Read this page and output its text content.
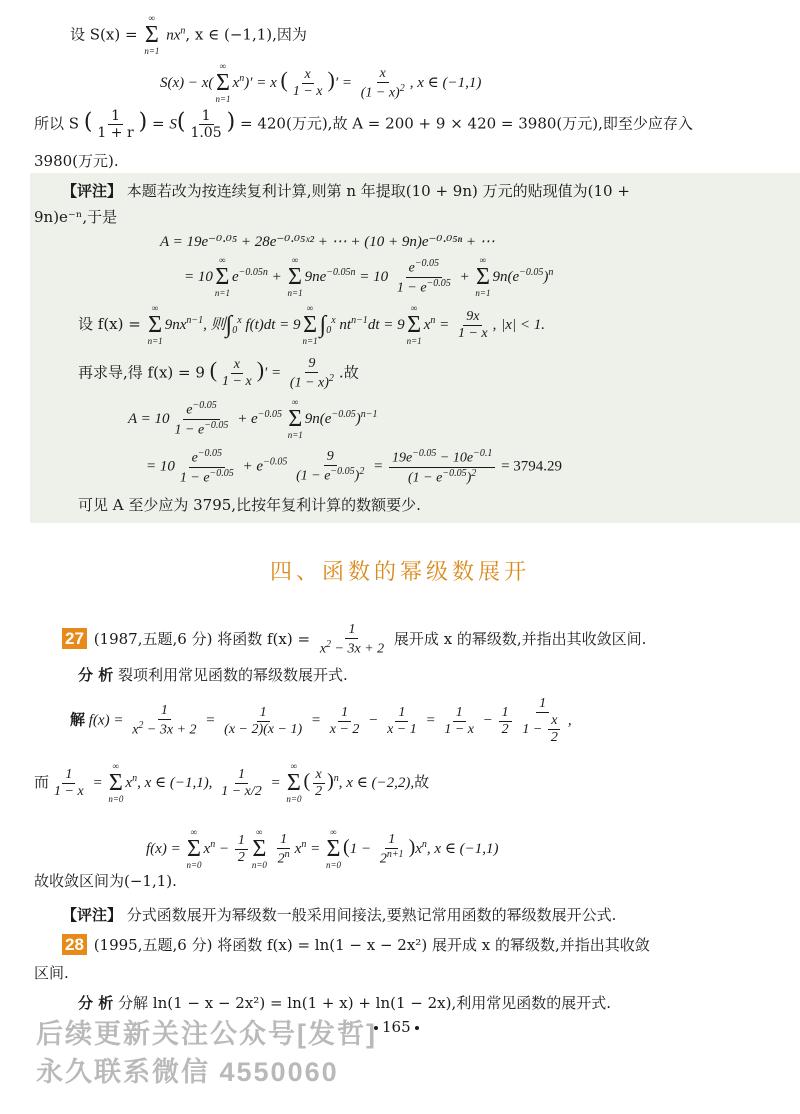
设 S(x) =
∞
Σ
n=1
$nx^n$, x ∈ (−1,1),因为
S(x) − x(
∞
Σ
n=1
$x^n)' = x$ ( $\frac{x}{1 - x}$ )′ = $\frac{x}{(1 - x)^2}$ , x ∈ (−1,1)
所以 S ( $\frac{1}{1 + r}$ ) = $S( \frac{1}{1.05}$ ) = 420(万元),故 A = 200 + 9 × 420 = 3980(万元),即至少应存入
3980(万元).
【评注】 本题若改为按连续复利计算,则第 n 年提取(10 + 9n) 万元的贴现值为(10 +
9n)e⁻ⁿ,于是
A = 19e⁻⁰·⁰⁵ + 28e⁻⁰·⁰⁵ˣ² + ⋯ + (10 + 9n)e⁻⁰·⁰⁵ⁿ + ⋯
= 10
∞
Σ
n=1
$e^{-0.05n}$ +
∞
Σ
n=1
$9ne^{-0.05n} = 10 \frac{e^{-0.05}}{1 - e^{-0.05}}$ +
∞
Σ
n=1
$9n(e^{-0.05})^n$
设 f(x) =
∞
Σ
n=1
$9nx^{n-1}$, 则$\int_0^x$ f(t)dt = 9
∞
Σ
n=1
$\int_0^x$ $nt^{n-1}dt = 9$
∞
Σ
n=1
$x^n = \frac{9x}{1 - x}$ , |x| < 1.
再求导,得 f(x) = 9 ( $\frac{x}{1 - x}$ )′ = $\frac{9}{(1 - x)^2}$ .故
$A = 10 \frac{e^{-0.05}}{1 - e^{-0.05}} + e^{-0.05}$
∞
Σ
n=1
$9n(e^{-0.05})^{n-1}$
= $10 \frac{e^{-0.05}}{1 - e^{-0.05}} + e^{-0.05} \frac{9}{(1 - e^{-0.05})^2} = \frac{19e^{-0.05} - 10e^{-0.1}}{(1 - e^{-0.05})^2} = 3794.29$
可见 A 至少应为 3795,比按年复利计算的数额要少.
四、函数的幂级数展开
27 (1987,五题,6 分) 将函数 $f(x) = \frac{1}{x^2 - 3x + 2}$ 展开成 x 的幂级数,并指出其收敛区间.
分 析 裂项利用常见函数的幂级数展开式.
解 $f(x) = \frac{1}{x^2 - 3x + 2} = \frac{1}{(x - 2)(x - 1)} = \frac{1}{x - 2} - \frac{1}{x - 1} = \frac{1}{1 - x} - \frac{1}{2}$
$\frac{1}{1 - \frac{x}{2}}$ ,
而 $\frac{1}{1 - x}$ =
∞
Σ
n=0
$x^n$, x ∈ (−1,1), $\frac{1}{1 - x/2}$ =
∞
Σ
n=0
( $\frac{x}{2} )^n$, x ∈ (−2,2),故
f(x) =
∞
Σ
n=0
$x^n - \frac{1}{2}$
∞
Σ
n=0
$\frac{1}{2^n} x^n$ =
∞
Σ
n=0
$(1 - \frac{1}{2^{n+1}} )x^n$, x ∈ (−1,1)
故收敛区间为(−1,1).
【评注】 分式函数展开为幂级数一般采用间接法,要熟记常用函数的幂级数展开公式.
28 (1995,五题,6 分) 将函数 f(x) = ln(1 − x − 2x²) 展开成 x 的幂级数,并指出其收敛
区间.
分 析 分解 ln(1 − x − 2x²) = ln(1 + x) + ln(1 − 2x),利用常见函数的展开式.
165
后续更新关注公众号[发哲]
永久联系微信 4550060
